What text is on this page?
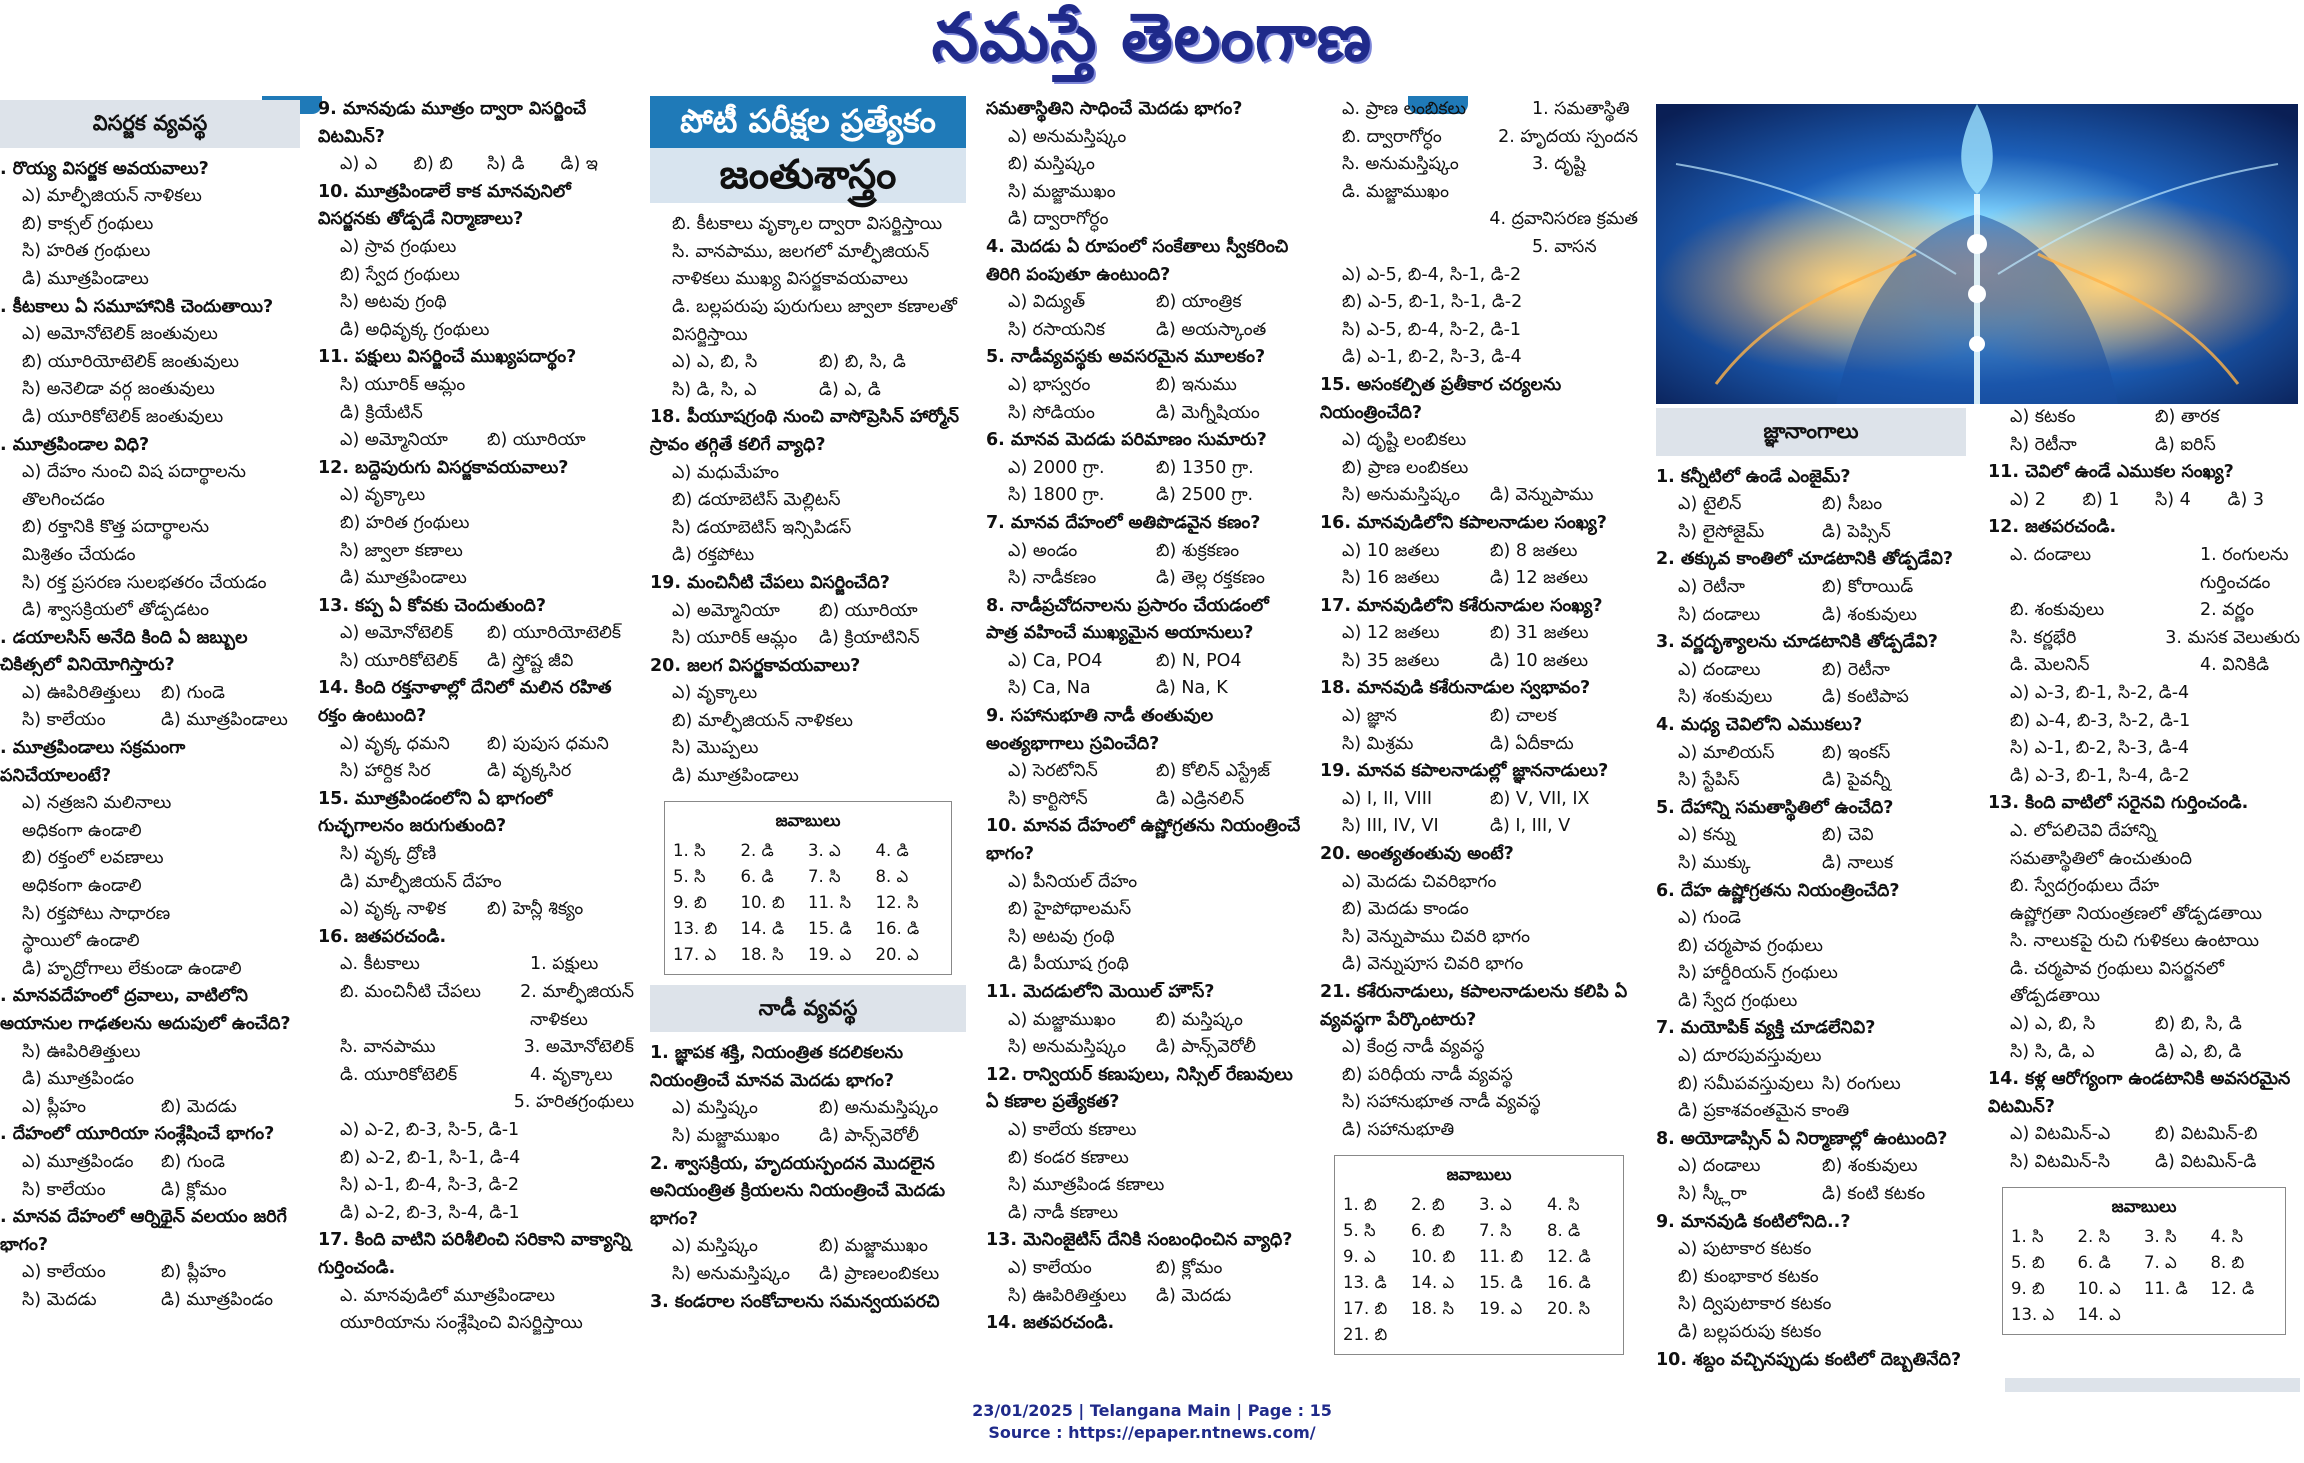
నమస్తే తెలంగాణ
విసర్జక వ్యవస్థ
. రొయ్య విసర్జక అవయవాలు?
ఎ) మాల్ఫీజియన్ నాళికలు
బి) కాక్సల్ గ్రంథులు
సి) హరిత గ్రంథులు
డి) మూత్రపిండాలు
. కీటకాలు ఏ సమూహానికి చెందుతాయి?
ఎ) అమోనోటెలిక్ జంతువులు
బి) యూరియోటెలిక్ జంతువులు
సి) అనెలిడా వర్గ జంతువులు
డి) యూరికోటెలిక్ జంతువులు
. మూత్రపిండాల విధి?
ఎ) దేహం నుంచి విష పదార్థాలను
తొలగించడం
బి) రక్తానికి కొత్త పదార్థాలను
మిశ్రితం చేయడం
సి) రక్త ప్రసరణ సులభతరం చేయడం
డి) శ్వాసక్రియలో తోడ్పడటం
. డయాలసిస్ అనేది కింది ఏ జబ్బుల చికిత్సలో వినియోగిస్తారు?
ఎ) ఊపిరితిత్తులు	బి) గుండె
సి) కాలేయం	డి) మూత్రపిండాలు
. మూత్రపిండాలు సక్రమంగా పనిచేయాలంటే?
ఎ) నత్రజని మలినాలు
అధికంగా ఉండాలి
బి) రక్తంలో లవణాలు
అధికంగా ఉండాలి
సి) రక్తపోటు సాధారణ
స్థాయిలో ఉండాలి
డి) హృద్రోగాలు లేకుండా ఉండాలి
. మానవదేహంలో ద్రవాలు, వాటిలోని అయానుల గాఢతలను అదుపులో ఉంచేది?
సి) ఊపిరితిత్తులు
డి) మూత్రపిండం
ఎ) ప్లీహం	బి) మెదడు
. దేహంలో యూరియా సంశ్లేషించే భాగం?
ఎ) మూత్రపిండం	బి) గుండె
సి) కాలేయం	డి) క్లోమం
. మానవ దేహంలో ఆర్నిథైన్ వలయం జరిగే భాగం?
ఎ) కాలేయం	బి) ప్లీహం
సి) మెదడు	డి) మూత్రపిండం
9. మానవుడు మూత్రం ద్వారా విసర్జించే విటమిన్?
ఎ) ఎ	బి) బి	సి) డి	డి) ఇ
10. మూత్రపిండాలే కాక మానవునిలో విసర్జనకు తోడ్పడే నిర్మాణాలు?
ఎ) స్రావ గ్రంథులు
బి) స్వేద గ్రంథులు
సి) అటవు గ్రంథి
డి) అధివృక్క గ్రంథులు
11. పక్షులు విసర్జించే ముఖ్యపదార్థం?
సి) యూరిక్ ఆమ్లం
డి) క్రియేటిన్
ఎ) అమ్మోనియా	బి) యూరియా
12. బద్దెపురుగు విసర్జకావయవాలు?
ఎ) వృక్కాలు
బి) హరిత గ్రంథులు
సి) జ్వాలా కణాలు
డి) మూత్రపిండాలు
13. కప్ప ఏ కోవకు చెందుతుంది?
ఎ) అమోనోటెలిక్	బి) యూరియోటెలిక్
సి) యూరికోటెలిక్	డి) స్త్రోష్ట జీవి
14. కింది రక్తనాళాల్లో దేనిలో మలిన రహిత రక్తం ఉంటుంది?
ఎ) వృక్క ధమని	బి) పుపుస ధమని
సి) హార్దిక సిర	డి) వృక్కసిర
15. మూత్రపిండంలోని ఏ భాగంలో గుచ్ఛగాలనం జరుగుతుంది?
సి) వృక్క ద్రోణి
డి) మాల్ఫీజియన్ దేహం
ఎ) వృక్క నాళిక	బి) హెన్లీ శిక్యం
16. జతపరచండి.
ఎ. కీటకాలు	1. పక్షులు
బి. మంచినీటి చేపలు	2. మాల్ఫీజియన్
నాళికలు
సి. వానపాము	3. అమోనోటెలిక్
డి. యూరికోటెలిక్	4. వృక్కాలు
5. హరితగ్రంథులు
ఎ) ఎ-2, బి-3, సి-5, డి-1
బి) ఎ-2, బి-1, సి-1, డి-4
సి) ఎ-1, బి-4, సి-3, డి-2
డి) ఎ-2, బి-3, సి-4, డి-1
17. కింది వాటిని పరిశీలించి సరికాని వాక్యాన్ని గుర్తించండి.
ఎ. మానవుడిలో మూత్రపిండాలు
యూరియాను సంశ్లేషించి విసర్జిస్తాయి
పోటీ పరీక్షల ప్రత్యేకం
జంతుశాస్త్రం
బి. కీటకాలు వృక్కాల ద్వారా విసర్జిస్తాయి
సి. వానపాము, జలగలో మాల్ఫీజియన్ నాళికలు ముఖ్య విసర్జకావయవాలు
డి. బల్లపరుపు పురుగులు జ్వాలా కణాలతో విసర్జిస్తాయి
ఎ) ఎ, బి, సి	బి) బి, సి, డి
సి) డి, సి, ఎ	డి) ఎ, డి
18. పీయూషగ్రంథి నుంచి వాసోప్రెసిన్ హార్మోన్ స్రావం తగ్గితే కలిగే వ్యాధి?
ఎ) మధుమేహం
బి) డయాబెటిస్ మెల్లిటస్
సి) డయాబెటిస్ ఇన్సిపిడస్
డి) రక్తపోటు
19. మంచినీటి చేపలు విసర్జించేది?
ఎ) అమ్మోనియా	బి) యూరియా
సి) యూరిక్ ఆమ్లం	డి) క్రియాటినిన్
20. జలగ విసర్జకావయవాలు?
ఎ) వృక్కాలు
బి) మాల్ఫీజియన్ నాళికలు
సి) మొప్పలు
డి) మూత్రపిండాలు
జవాబులు
1. సి	2. డి	3. ఎ	4. డి
5. సి	6. డి	7. సి	8. ఎ
9. బి	10. బి	11. సి	12. సి
13. బి	14. డి	15. డి	16. డి
17. ఎ	18. సి	19. ఎ	20. ఎ
నాడీ వ్యవస్థ
1. జ్ఞాపక శక్తి, నియంత్రిత కదలికలను నియంత్రించే మానవ మెదడు భాగం?
ఎ) మస్తిష్కం	బి) అనుమస్తిష్కం
సి) మజ్జాముఖం	డి) పాన్స్‌వెరోలీ
2. శ్వాసక్రియ, హృదయస్పందన మొదలైన అనియంత్రిత క్రియలను నియంత్రించే మెదడు భాగం?
ఎ) మస్తిష్కం	బి) మజ్జాముఖం
సి) అనుమస్తిష్కం	డి) ప్రాణలంబికలు
3. కండరాల సంకోచాలను సమన్వయపరచి
సమతాస్థితిని సాధించే మెదడు భాగం?
ఎ) అనుమస్తిష్కం
బి) మస్తిష్కం
సి) మజ్జాముఖం
డి) ద్వారాగోర్ధం
4. మెదడు ఏ రూపంలో సంకేతాలు స్వీకరించి తిరిగి పంపుతూ ఉంటుంది?
ఎ) విద్యుత్	బి) యాంత్రిక
సి) రసాయనిక	డి) అయస్కాంత
5. నాడీవ్యవస్థకు అవసరమైన మూలకం?
ఎ) భాస్వరం	బి) ఇనుము
సి) సోడియం	డి) మెగ్నీషియం
6. మానవ మెదడు పరిమాణం సుమారు?
ఎ) 2000 గ్రా.	బి) 1350 గ్రా.
సి) 1800 గ్రా.	డి) 2500 గ్రా.
7. మానవ దేహంలో అతిపొడవైన కణం?
ఎ) అండం	బి) శుక్రకణం
సి) నాడీకణం	డి) తెల్ల రక్తకణం
8. నాడీప్రచోదనాలను ప్రసారం చేయడంలో పాత్ర వహించే ముఖ్యమైన అయానులు?
ఎ) Ca, PO4	బి) N, PO4
సి) Ca, Na	డి) Na, K
9. సహానుభూతి నాడీ తంతువుల అంత్యభాగాలు స్రవించేది?
ఎ) సెరటోనిన్	బి) కోలిన్ ఎస్ట్రేజ్
సి) కార్టిసోన్	డి) ఎడ్రినలిన్
10. మానవ దేహంలో ఉష్ణోగ్రతను నియంత్రించే భాగం?
ఎ) పీనియల్ దేహం
బి) హైపోథాలమస్
సి) అటవు గ్రంథి
డి) పీయూష గ్రంథి
11. మెదడులోని మెయిల్ హౌస్?
ఎ) మజ్జాముఖం	బి) మస్తిష్కం
సి) అనుమస్తిష్కం	డి) పాన్స్‌వెరోలీ
12. రాన్వియర్ కణుపులు, నిస్సిల్ రేణువులు ఏ కణాల ప్రత్యేకత?
ఎ) కాలేయ కణాలు
బి) కండర కణాలు
సి) మూత్రపిండ కణాలు
డి) నాడీ కణాలు
13. మెనింజైటిస్ దేనికి సంబంధించిన వ్యాధి?
ఎ) కాలేయం	బి) క్లోమం
సి) ఊపిరితిత్తులు	డి) మెదడు
14. జతపరచండి.
ఎ. ప్రాణ లంబికలు	1. సమతాస్థితి
బి. ద్వారాగోర్ధం	2. హృదయ స్పందన
సి. అనుమస్తిష్కం	3. దృష్టి
డి. మజ్జాముఖం
4. ద్రవానిసరణ క్రమత
5. వాసన
ఎ) ఎ-5, బి-4, సి-1, డి-2
బి) ఎ-5, బి-1, సి-1, డి-2
సి) ఎ-5, బి-4, సి-2, డి-1
డి) ఎ-1, బి-2, సి-3, డి-4
15. అసంకల్పిత ప్రతీకార చర్యలను నియంత్రించేది?
ఎ) దృష్టి లంబికలు
బి) ప్రాణ లంబికలు
సి) అనుమస్తిష్కం	డి) వెన్నుపాము
16. మానవుడిలోని కపాలనాడుల సంఖ్య?
ఎ) 10 జతలు	బి) 8 జతలు
సి) 16 జతలు	డి) 12 జతలు
17. మానవుడిలోని కశేరునాడుల సంఖ్య?
ఎ) 12 జతలు	బి) 31 జతలు
సి) 35 జతలు	డి) 10 జతలు
18. మానవుడి కశేరునాడుల స్వభావం?
ఎ) జ్ఞాన	బి) చాలక
సి) మిశ్రమ	డి) ఏదీకాదు
19. మానవ కపాలనాడుల్లో జ్ఞాననాడులు?
ఎ) I, II, VIII	బి) V, VII, IX
సి) III, IV, VI	డి) I, III, V
20. అంత్యతంతువు అంటే?
ఎ) మెదడు చివరిభాగం
బి) మెదడు కాండం
సి) వెన్నుపాము చివరి భాగం
డి) వెన్నుపూస చివరి భాగం
21. కశేరునాడులు, కపాలనాడులను కలిపి ఏ వ్యవస్థగా పేర్కొంటారు?
ఎ) కేంద్ర నాడీ వ్యవస్థ
బి) పరిధీయ నాడీ వ్యవస్థ
సి) సహానుభూత నాడీ వ్యవస్థ
డి) సహానుభూతి
జవాబులు
1. బి	2. బి	3. ఎ	4. సి
5. సి	6. బి	7. సి	8. డి
9. ఎ	10. బి	11. బి	12. డి
13. డి	14. ఎ	15. డి	16. డి
17. బి	18. సి	19. ఎ	20. సి
21. బి
జ్ఞానాంగాలు
1. కన్నీటిలో ఉండే ఎంజైమ్?
ఎ) టైలిన్	బి) సీబం
సి) లైసోజైమ్	డి) పెప్సిన్
2. తక్కువ కాంతిలో చూడటానికి తోడ్పడేవి?
ఎ) రెటీనా	బి) కోరాయిడ్
సి) దండాలు	డి) శంకువులు
3. వర్ణదృశ్యాలను చూడటానికి తోడ్పడేవి?
ఎ) దండాలు	బి) రెటీనా
సి) శంకువులు	డి) కంటిపాప
4. మధ్య చెవిలోని ఎముకలు?
ఎ) మాలియస్	బి) ఇంకస్
సి) స్టేపిస్	డి) పైవన్నీ
5. దేహాన్ని సమతాస్థితిలో ఉంచేది?
ఎ) కన్ను	బి) చెవి
సి) ముక్కు	డి) నాలుక
6. దేహ ఉష్ణోగ్రతను నియంత్రించేది?
ఎ) గుండె
బి) చర్మపావ గ్రంథులు
సి) హార్డీరియన్ గ్రంథులు
డి) స్వేద గ్రంథులు
7. మయోపిక్ వ్యక్తి చూడలేనివి?
ఎ) దూరపువస్తువులు
బి) సమీపవస్తువులు సి) రంగులు
డి) ప్రకాశవంతమైన కాంతి
8. అయోడాప్సిన్ ఏ నిర్మాణాల్లో ఉంటుంది?
ఎ) దండాలు	బి) శంకువులు
సి) స్క్లీరా	డి) కంటి కటకం
9. మానవుడి కంటిలోనిది..?
ఎ) పుటాకార కటకం
బి) కుంభాకార కటకం
సి) ద్విపుటాకార కటకం
డి) బల్లపరుపు కటకం
10. శబ్దం వచ్చినప్పుడు కంటిలో దెబ్బతినేది?
ఎ) కటకం	బి) తారక
సి) రెటీనా	డి) ఐరిస్
11. చెవిలో ఉండే ఎముకల సంఖ్య?
ఎ) 2	బి) 1	సి) 4	డి) 3
12. జతపరచండి.
ఎ. దండాలు	1. రంగులను
గుర్తించడం
బి. శంకువులు	2. వర్ణం
సి. కర్ణభేరి	3. మసక వెలుతురు
డి. మెలనిన్	4. వినికిడి
ఎ) ఎ-3, బి-1, సి-2, డి-4
బి) ఎ-4, బి-3, సి-2, డి-1
సి) ఎ-1, బి-2, సి-3, డి-4
డి) ఎ-3, బి-1, సి-4, డి-2
13. కింది వాటిలో సరైనవి గుర్తించండి.
ఎ. లోపలిచెవి దేహాన్ని
సమతాస్థితిలో ఉంచుతుంది
బి. స్వేదగ్రంథులు దేహ
ఉష్ణోగ్రతా నియంత్రణలో తోడ్పడతాయి
సి. నాలుకపై రుచి గుళికలు ఉంటాయి
డి. చర్మపావ గ్రంథులు విసర్జనలో
తోడ్పడతాయి
ఎ) ఎ, బి, సి	బి) బి, సి, డి
సి) సి, డి, ఎ	డి) ఎ, బి, డి
14. కళ్ల ఆరోగ్యంగా ఉండటానికి అవసరమైన విటమిన్?
ఎ) విటమిన్-ఎ	బి) విటమిన్-బి
సి) విటమిన్-సి	డి) విటమిన్-డి
జవాబులు
1. సి	2. సి	3. సి	4. సి
5. బి	6. డి	7. ఎ	8. బి
9. బి	10. ఎ	11. డి	12. డి
13. ఎ	14. ఎ
23/01/2025 | Telangana Main | Page : 15
Source : https://epaper.ntnews.com/
